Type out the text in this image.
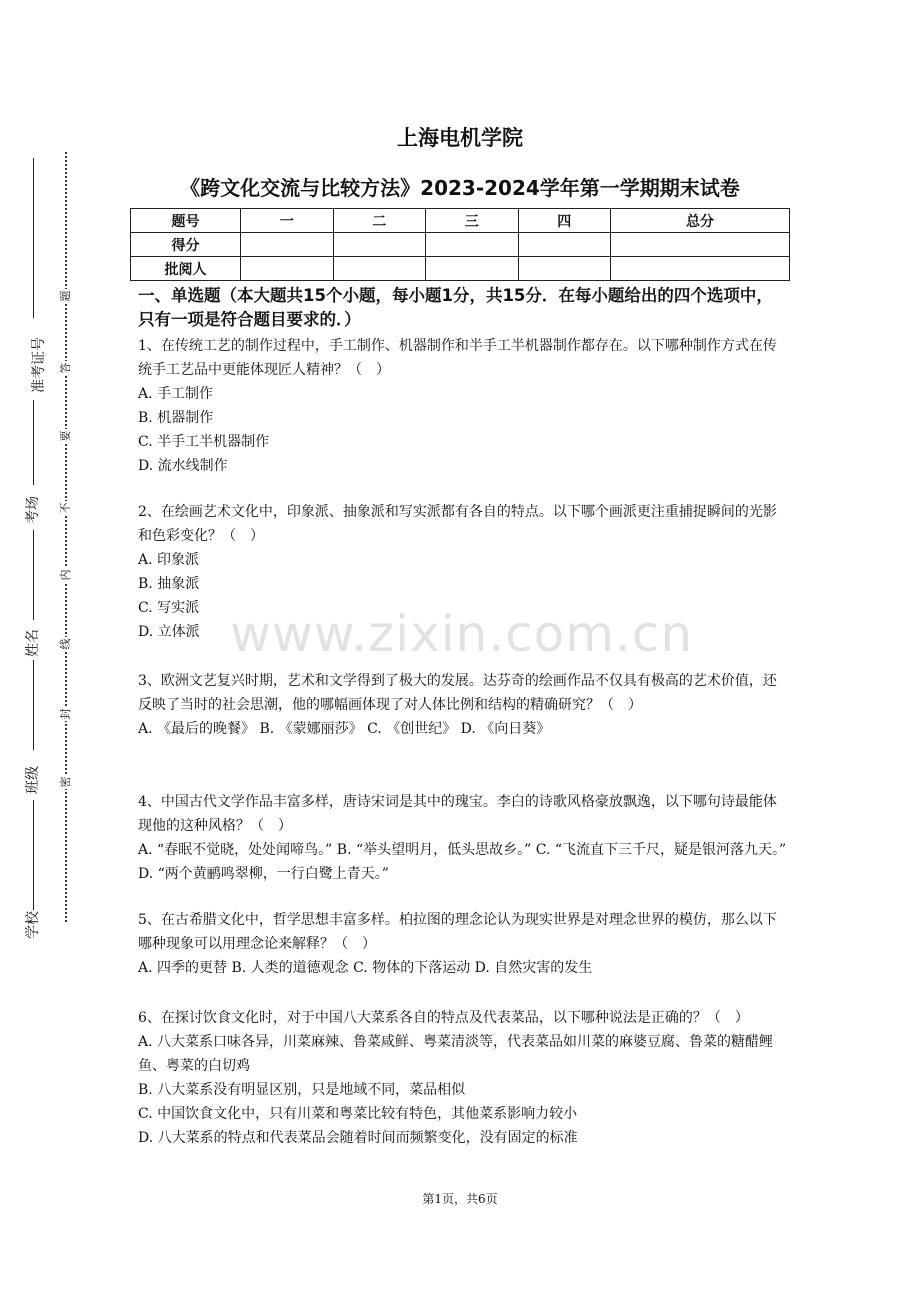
准考证号
考场
姓名
班级
学校
题
答
要
不
内
线
封
密
上海电机学院
《跨文化交流与比较方法》2023-2024学年第一学期期末试卷
题号	一	二	三	四	总分
得分					
批阅人					
一、单选题（本大题共15个小题，每小题1分，共15分．在每小题给出的四个选项中，只有一项是符合题目要求的．）
1、在传统工艺的制作过程中，手工制作、机器制作和半手工半机器制作都存在。以下哪种制作方式在传统手工艺品中更能体现匠人精神？（　）
A. 手工制作
B. 机器制作
C. 半手工半机器制作
D. 流水线制作
2、在绘画艺术文化中，印象派、抽象派和写实派都有各自的特点。以下哪个画派更注重捕捉瞬间的光影和色彩变化？（　）
A. 印象派
B. 抽象派
C. 写实派
D. 立体派
3、欧洲文艺复兴时期，艺术和文学得到了极大的发展。达芬奇的绘画作品不仅具有极高的艺术价值，还反映了当时的社会思潮，他的哪幅画体现了对人体比例和结构的精确研究？（　）
A. 《最后的晚餐》 B. 《蒙娜丽莎》 C. 《创世纪》 D. 《向日葵》
4、中国古代文学作品丰富多样，唐诗宋词是其中的瑰宝。李白的诗歌风格豪放飘逸，以下哪句诗最能体现他的这种风格？（　）
A. “春眠不觉晓，处处闻啼鸟。” B. “举头望明月，低头思故乡。” C. “飞流直下三千尺，疑是银河落九天。” D. “两个黄鹂鸣翠柳，一行白鹭上青天。”
5、在古希腊文化中，哲学思想丰富多样。柏拉图的理念论认为现实世界是对理念世界的模仿，那么以下哪种现象可以用理念论来解释？（　）
A. 四季的更替 B. 人类的道德观念 C. 物体的下落运动 D. 自然灾害的发生
6、在探讨饮食文化时，对于中国八大菜系各自的特点及代表菜品，以下哪种说法是正确的？（　）
A. 八大菜系口味各异，川菜麻辣、鲁菜咸鲜、粤菜清淡等，代表菜品如川菜的麻婆豆腐、鲁菜的糖醋鲤鱼、粤菜的白切鸡
B. 八大菜系没有明显区别，只是地域不同，菜品相似
C. 中国饮食文化中，只有川菜和粤菜比较有特色，其他菜系影响力较小
D. 八大菜系的特点和代表菜品会随着时间而频繁变化，没有固定的标准
www.zixin.com.cn
第1页，共6页
